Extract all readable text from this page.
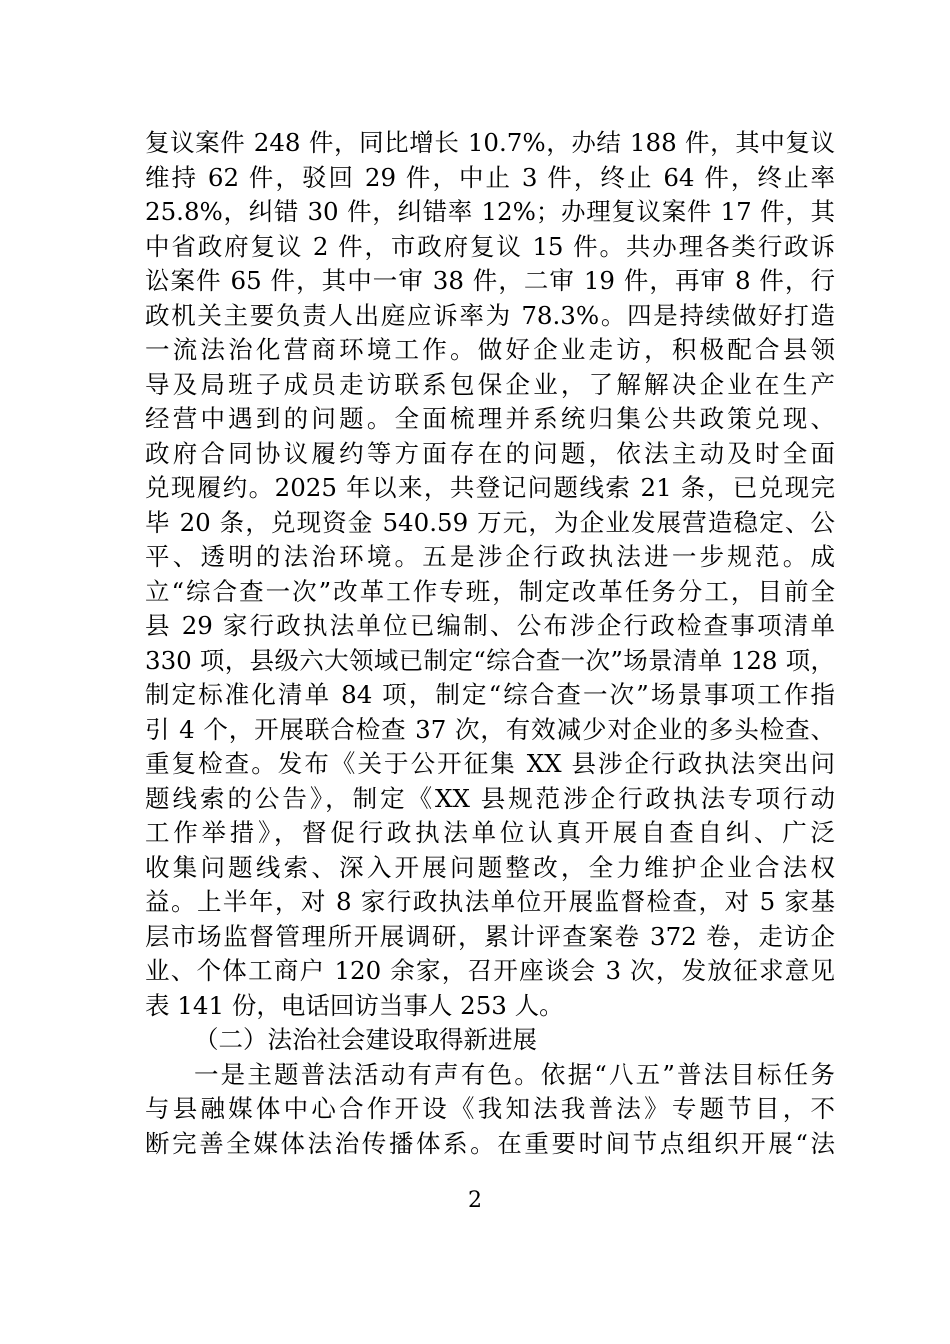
复议案件 248 件，同比增长 10.7%，办结 188 件，其中复议
维持 62 件，驳回 29 件，中止 3 件，终止 64 件，终止率
25.8%，纠错 30 件，纠错率 12%；办理复议案件 17 件，其
中省政府复议 2 件，市政府复议 15 件。共办理各类行政诉
讼案件 65 件，其中一审 38 件，二审 19 件，再审 8 件，行
政机关主要负责人出庭应诉率为 78.3%。四是持续做好打造
一流法治化营商环境工作。做好企业走访，积极配合县领
导及局班子成员走访联系包保企业，了解解决企业在生产
经营中遇到的问题。全面梳理并系统归集公共政策兑现、
政府合同协议履约等方面存在的问题，依法主动及时全面
兑现履约。2025 年以来，共登记问题线索 21 条，已兑现完
毕 20 条，兑现资金 540.59 万元，为企业发展营造稳定、公
平、透明的法治环境。五是涉企行政执法进一步规范。成
立“综合查一次”改革工作专班，制定改革任务分工，目前全
县 29 家行政执法单位已编制、公布涉企行政检查事项清单
330 项，县级六大领域已制定“综合查一次”场景清单 128 项，
制定标准化清单 84 项，制定“综合查一次”场景事项工作指
引 4 个，开展联合检查 37 次，有效减少对企业的多头检查、
重复检查。发布《关于公开征集 XX 县涉企行政执法突出问
题线索的公告》，制定《XX 县规范涉企行政执法专项行动
工作举措》，督促行政执法单位认真开展自查自纠、广泛
收集问题线索、深入开展问题整改，全力维护企业合法权
益。上半年，对 8 家行政执法单位开展监督检查，对 5 家基
层市场监督管理所开展调研，累计评查案卷 372 卷，走访企
业、个体工商户 120 余家，召开座谈会 3 次，发放征求意见
表 141 份，电话回访当事人 253 人。
（二）法治社会建设取得新进展
一是主题普法活动有声有色。依据“八五”普法目标任务
与县融媒体中心合作开设《我知法我普法》专题节目，不
断完善全媒体法治传播体系。在重要时间节点组织开展“法
2
